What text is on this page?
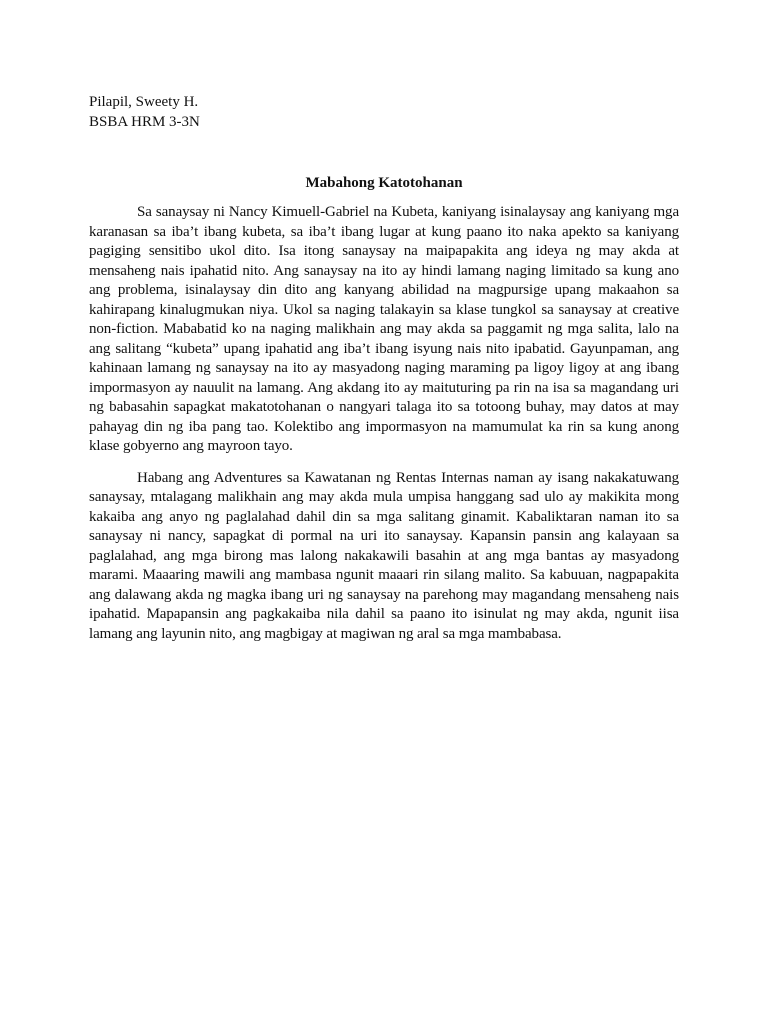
Pilapil, Sweety H.
BSBA HRM 3-3N
Mabahong Katotohanan

Sa sanaysay ni Nancy Kimuell-Gabriel na Kubeta, kaniyang isinalaysay ang kaniyang mga karanasan sa iba’t ibang kubeta, sa iba’t ibang lugar at kung paano ito naka apekto sa kaniyang pagiging sensitibo ukol dito. Isa itong sanaysay na maipapakita ang ideya ng may akda at mensaheng nais ipahatid nito. Ang sanaysay na ito ay hindi lamang naging limitado sa kung ano ang problema, isinalaysay din dito ang kanyang abilidad na magpursige upang makaahon sa kahirapang kinalugmukan niya. Ukol sa naging talakayin sa klase tungkol sa sanaysay at creative non-fiction. Mababatid ko na naging malikhain ang may akda sa paggamit ng mga salita, lalo na ang salitang “kubeta” upang ipahatid ang iba’t ibang isyung nais nito ipabatid. Gayunpaman, ang kahinaan lamang ng sanaysay na ito ay masyadong naging maraming pa ligoy ligoy at ang ibang impormasyon ay nauulit na lamang. Ang akdang ito ay maituturing pa rin na isa sa magandang uri ng babasahin sapagkat makatotohanan o nangyari talaga ito sa totoong buhay, may datos at may pahayag din ng iba pang tao. Kolektibo ang impormasyon na mamumulat ka rin sa kung anong klase gobyerno ang mayroon tayo.

Habang ang Adventures sa Kawatanan ng Rentas Internas naman ay isang nakakatuwang sanaysay, mtalagang malikhain ang may akda mula umpisa hanggang sad ulo ay makikita mong kakaiba ang anyo ng paglalahad dahil din sa mga salitang ginamit. Kabaliktaran naman ito sa sanaysay ni nancy, sapagkat di pormal na uri ito sanaysay. Kapansin pansin ang kalayaan sa paglalahad, ang mga birong mas lalong nakakawili basahin at ang mga bantas ay masyadong marami. Maaaring mawili ang mambasa ngunit maaari rin silang malito. Sa kabuuan, nagpapakita ang dalawang akda ng magka ibang uri ng sanaysay na parehong may magandang mensaheng nais ipahatid. Mapapansin ang pagkakaiba nila dahil sa paano ito isinulat ng may akda, ngunit iisa lamang ang layunin nito, ang magbigay at magiwan ng aral sa mga mambabasa.
